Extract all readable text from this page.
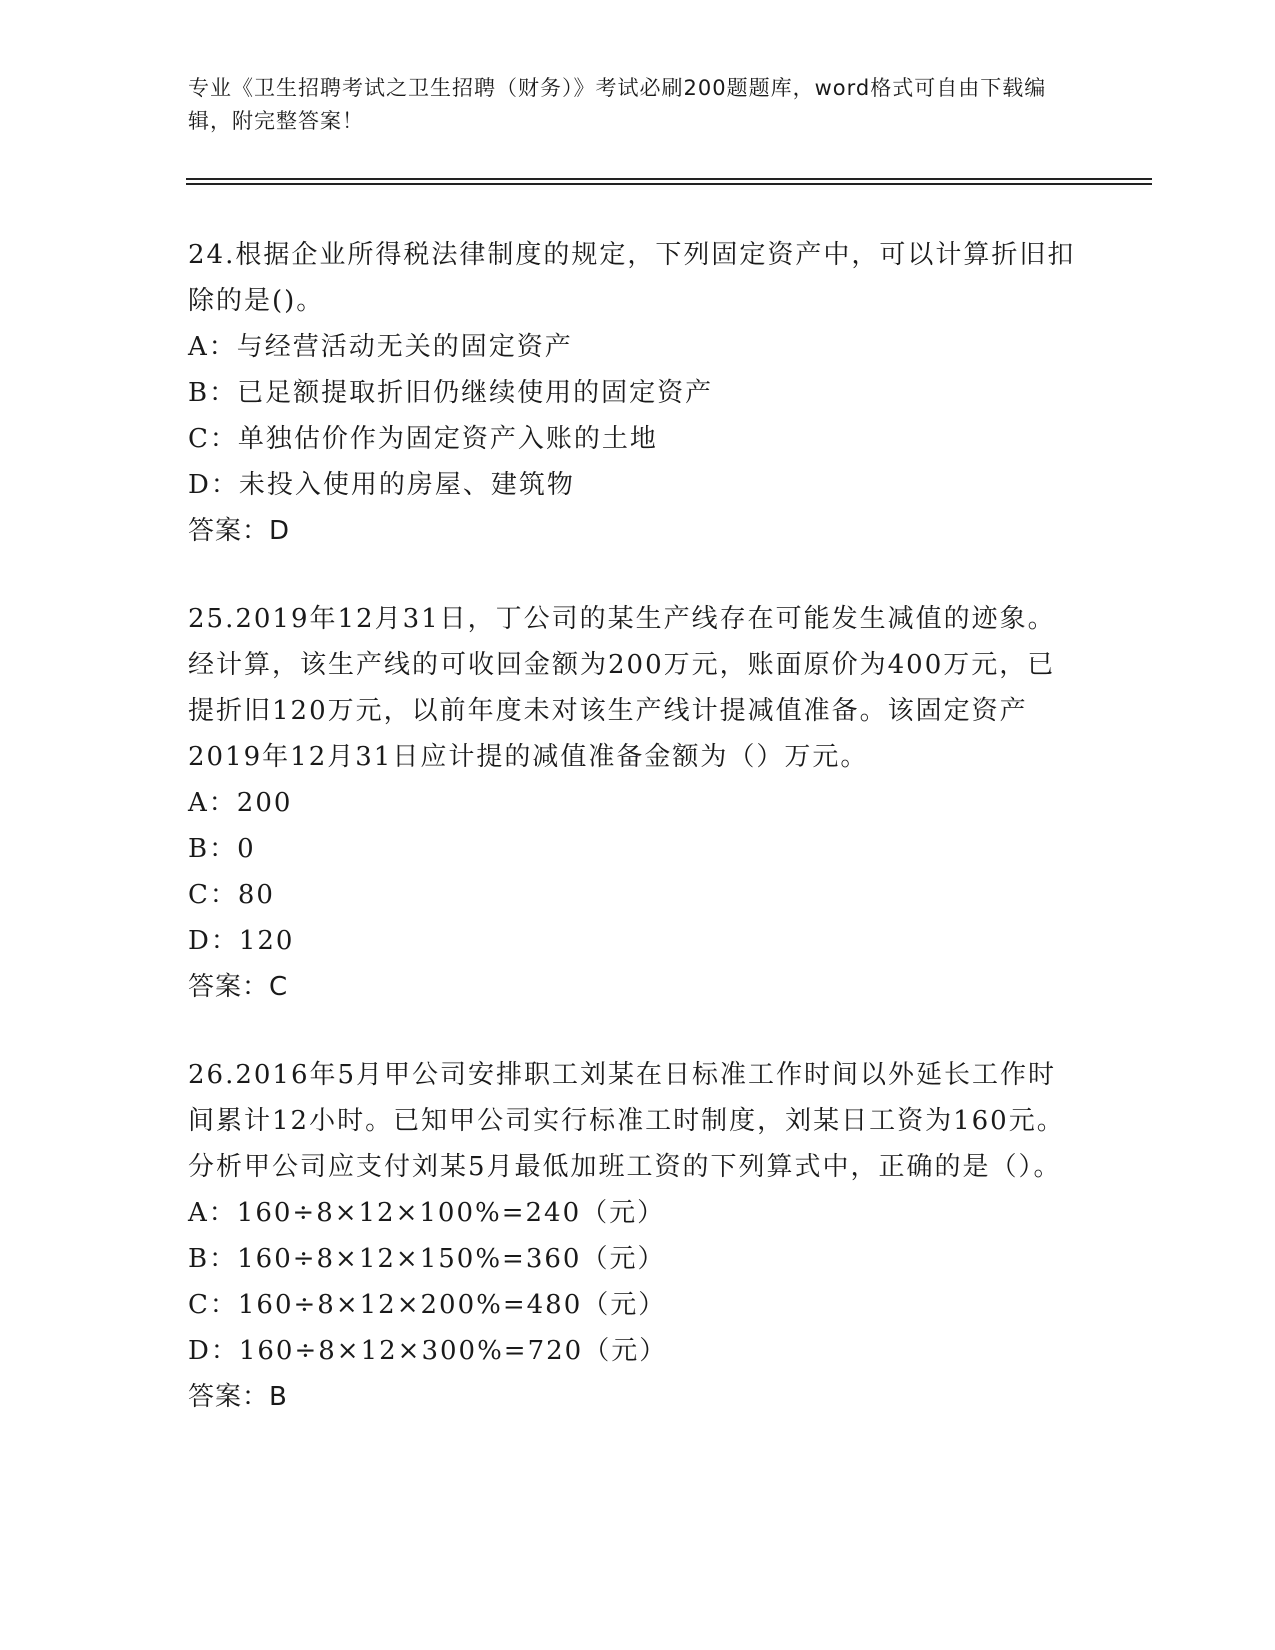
专业《卫生招聘考试之卫生招聘（财务）》考试必刷200题题库，word格式可自由下载编辑，附完整答案！

24.根据企业所得税法律制度的规定，下列固定资产中，可以计算折旧扣除的是()。

A：与经营活动无关的固定资产

B：已足额提取折旧仍继续使用的固定资产

C：单独估价作为固定资产入账的土地

D：未投入使用的房屋、建筑物

答案：D

25.2019年12月31日，丁公司的某生产线存在可能发生减值的迹象。经计算，该生产线的可收回金额为200万元，账面原价为400万元，已提折旧120万元，以前年度未对该生产线计提减值准备。该固定资产2019年12月31日应计提的减值准备金额为（）万元。

A：200

B：0

C：80

D：120

答案：C

26.2016年5月甲公司安排职工刘某在日标准工作时间以外延长工作时间累计12小时。已知甲公司实行标准工时制度，刘某日工资为160元。分析甲公司应支付刘某5月最低加班工资的下列算式中，正确的是（）。

A：160÷8×12×100%=240（元）

B：160÷8×12×150%=360（元）

C：160÷8×12×200%=480（元）

D：160÷8×12×300%=720（元）

答案：B
